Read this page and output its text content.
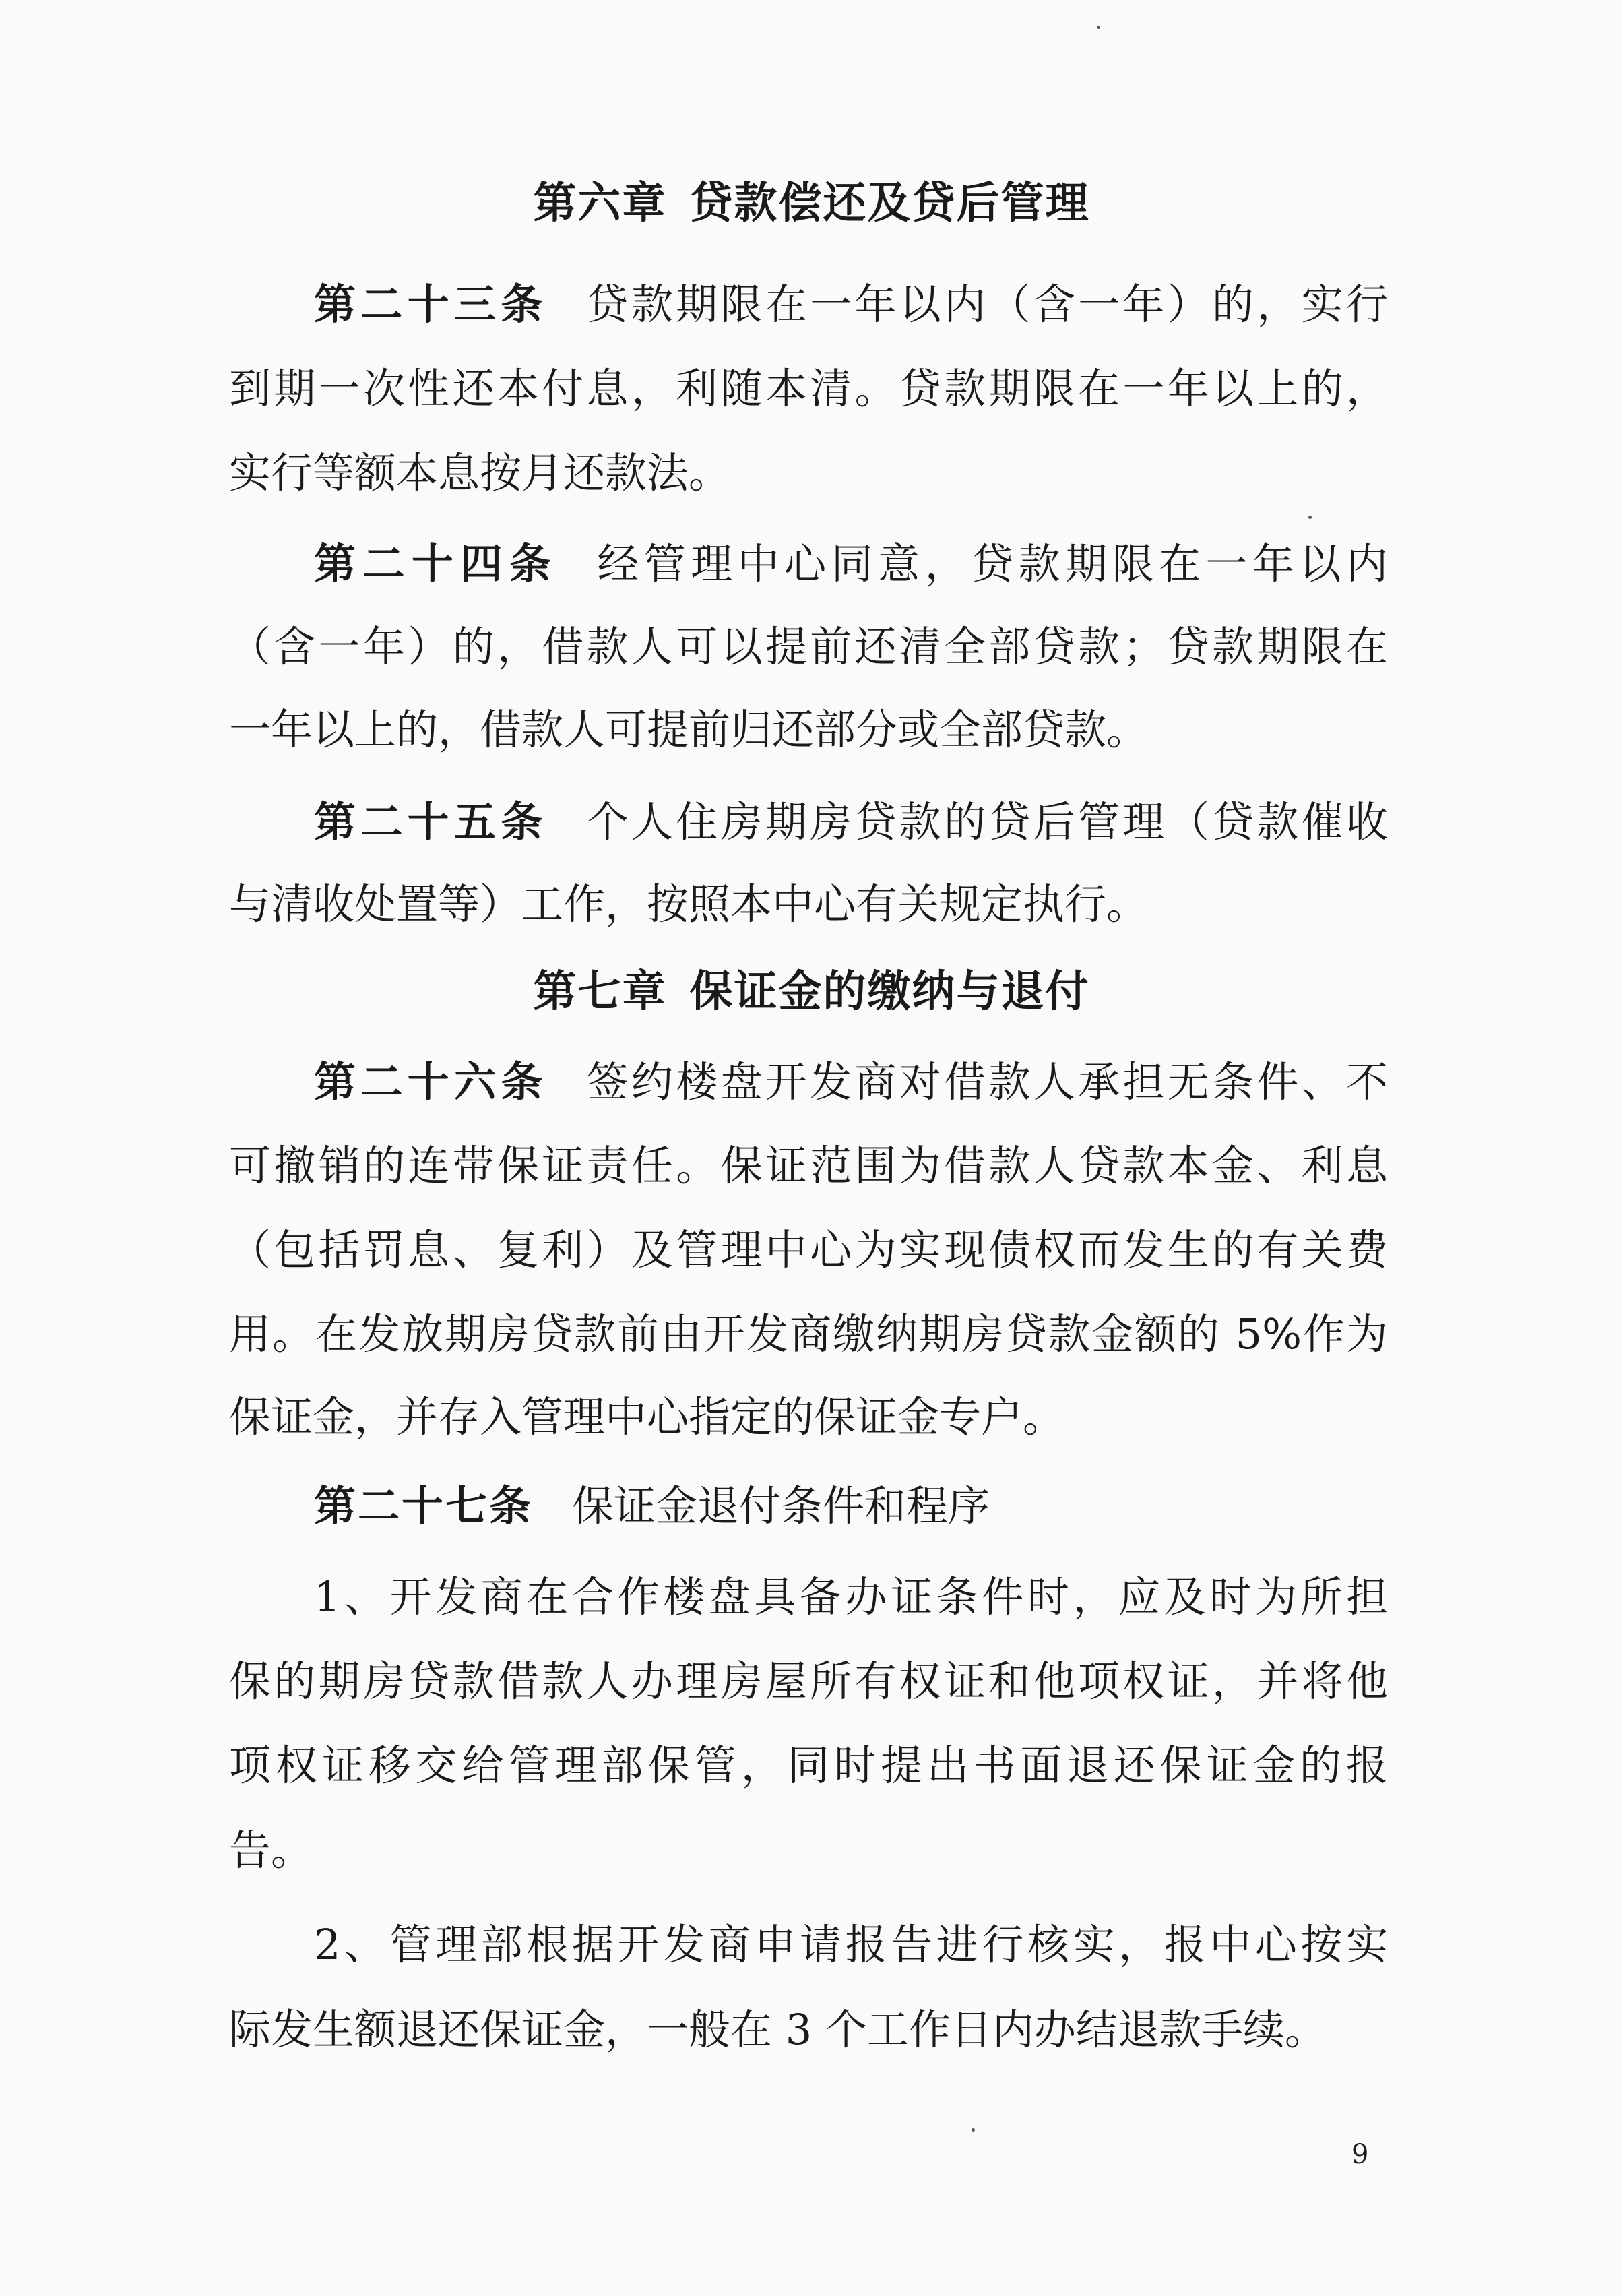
第六章 贷款偿还及贷后管理
第二十三条 贷款期限在一年以内（含一年）的，实行
到期一次性还本付息，利随本清。贷款期限在一年以上的，
实行等额本息按月还款法。
第二十四条 经管理中心同意，贷款期限在一年以内
（含一年）的，借款人可以提前还清全部贷款；贷款期限在
一年以上的，借款人可提前归还部分或全部贷款。
第二十五条 个人住房期房贷款的贷后管理（贷款催收
与清收处置等）工作，按照本中心有关规定执行。
第七章 保证金的缴纳与退付
第二十六条 签约楼盘开发商对借款人承担无条件、不
可撤销的连带保证责任。保证范围为借款人贷款本金、利息
（包括罚息、复利）及管理中心为实现债权而发生的有关费
用。在发放期房贷款前由开发商缴纳期房贷款金额的 5%作为
保证金，并存入管理中心指定的保证金专户。
第二十七条 保证金退付条件和程序
1、开发商在合作楼盘具备办证条件时，应及时为所担
保的期房贷款借款人办理房屋所有权证和他项权证，并将他
项权证移交给管理部保管，同时提出书面退还保证金的报
告。
2、管理部根据开发商申请报告进行核实，报中心按实
际发生额退还保证金，一般在 3 个工作日内办结退款手续。
9
